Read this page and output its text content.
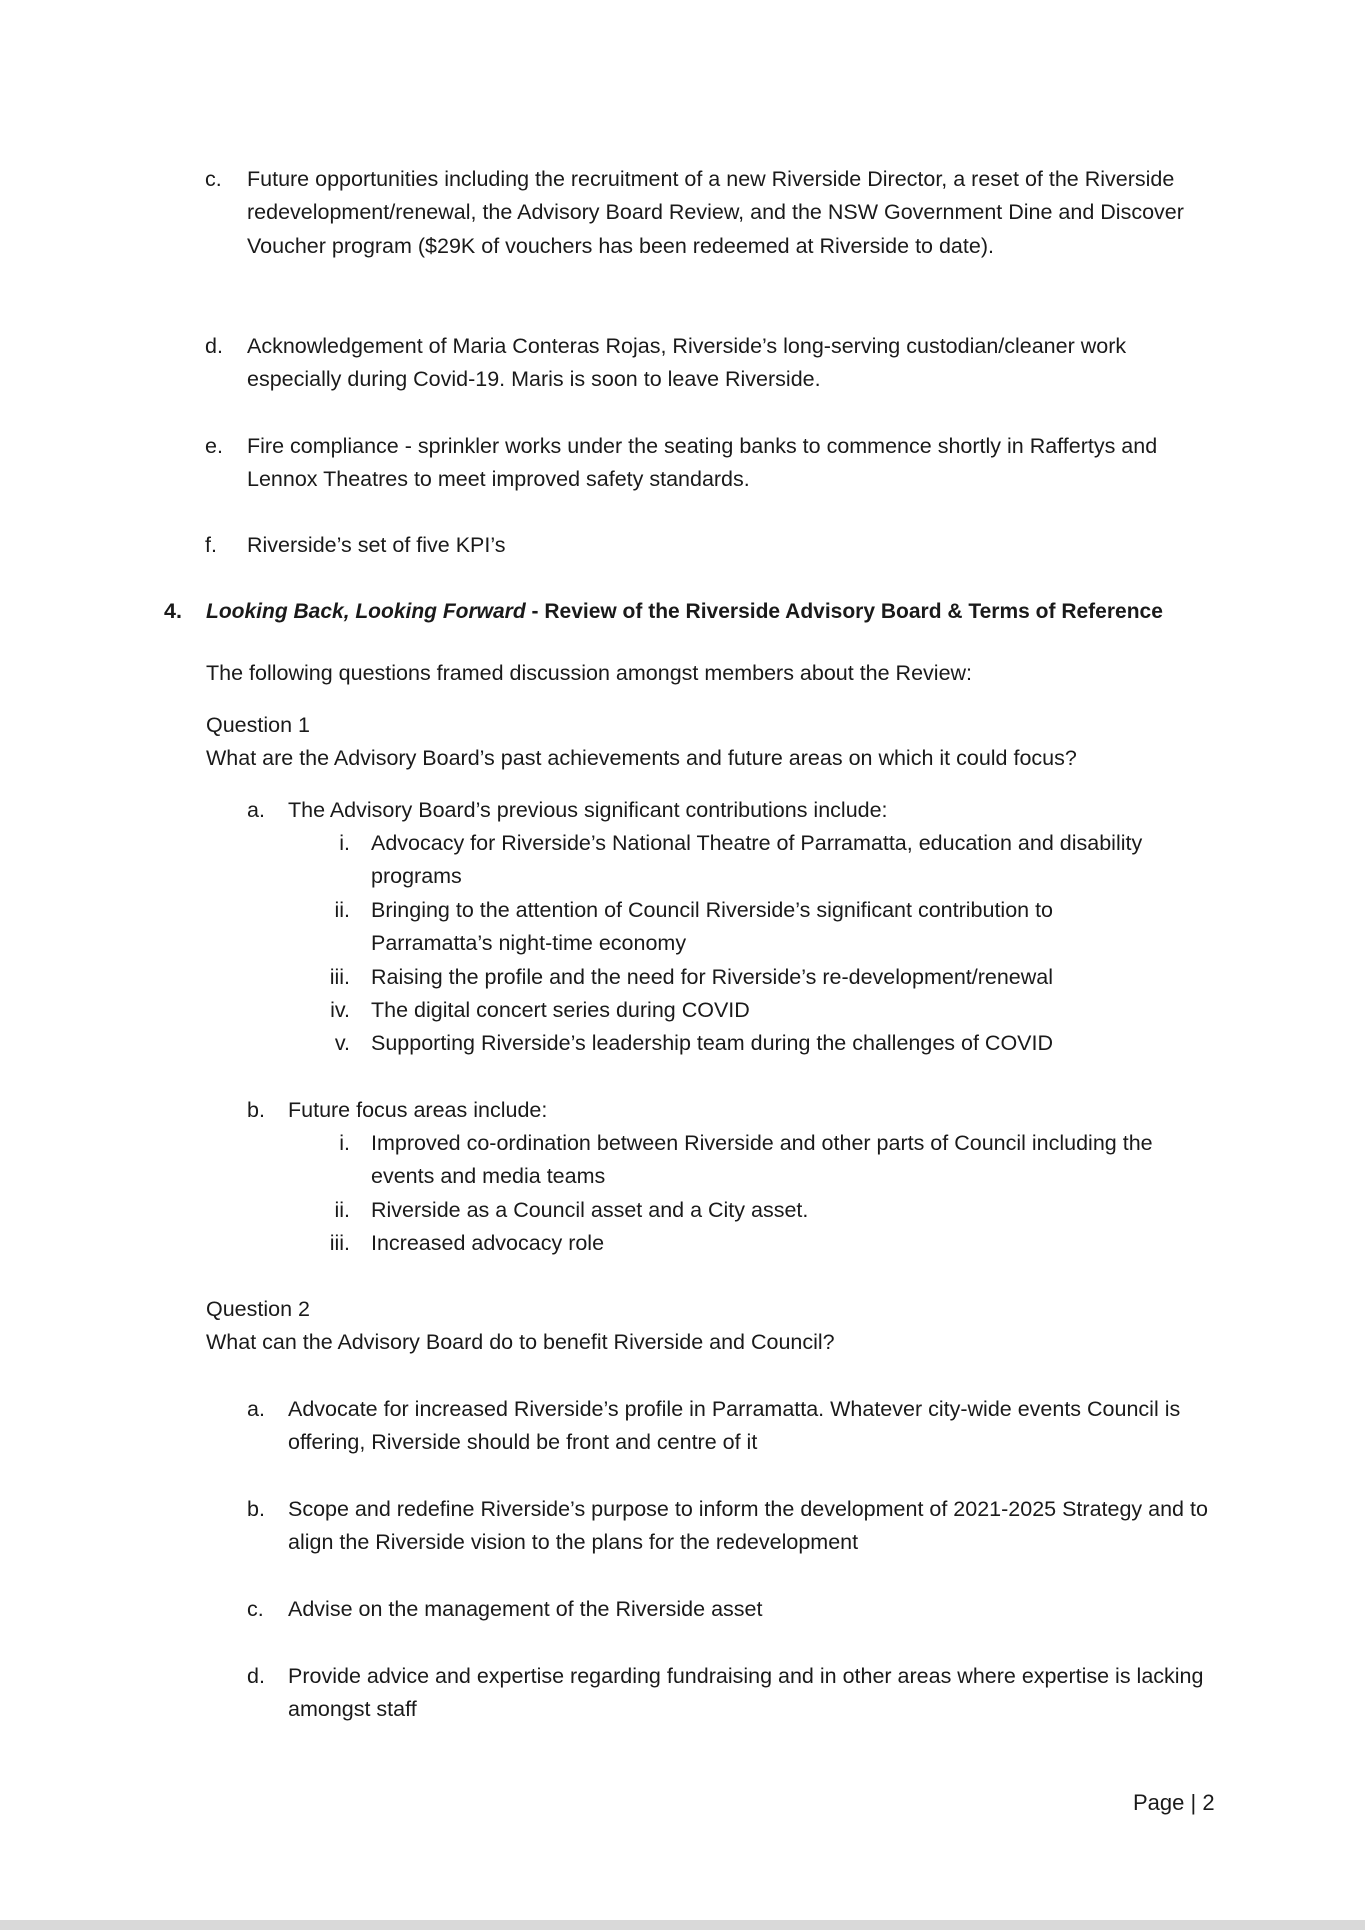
c. Future opportunities including the recruitment of a new Riverside Director, a reset of the Riverside redevelopment/renewal, the Advisory Board Review, and the NSW Government Dine and Discover Voucher program ($29K of vouchers has been redeemed at Riverside to date).
d. Acknowledgement of Maria Conteras Rojas, Riverside’s long-serving custodian/cleaner work especially during Covid-19. Maris is soon to leave Riverside.
e. Fire compliance - sprinkler works under the seating banks to commence shortly in Raffertys and Lennox Theatres to meet improved safety standards.
f. Riverside’s set of five KPI’s
4. Looking Back, Looking Forward - Review of the Riverside Advisory Board & Terms of Reference
The following questions framed discussion amongst members about the Review:
Question 1
What are the Advisory Board’s past achievements and future areas on which it could focus?
a. The Advisory Board’s previous significant contributions include:
i. Advocacy for Riverside’s National Theatre of Parramatta, education and disability programs
ii. Bringing to the attention of Council Riverside’s significant contribution to Parramatta’s night-time economy
iii. Raising the profile and the need for Riverside’s re-development/renewal
iv. The digital concert series during COVID
v. Supporting Riverside’s leadership team during the challenges of COVID
b. Future focus areas include:
i. Improved co-ordination between Riverside and other parts of Council including the events and media teams
ii. Riverside as a Council asset and a City asset.
iii. Increased advocacy role
Question 2
What can the Advisory Board do to benefit Riverside and Council?
a. Advocate for increased Riverside’s profile in Parramatta. Whatever city-wide events Council is offering, Riverside should be front and centre of it
b. Scope and redefine Riverside’s purpose to inform the development of 2021-2025 Strategy and to align the Riverside vision to the plans for the redevelopment
c. Advise on the management of the Riverside asset
d. Provide advice and expertise regarding fundraising and in other areas where expertise is lacking amongst staff
Page | 2
